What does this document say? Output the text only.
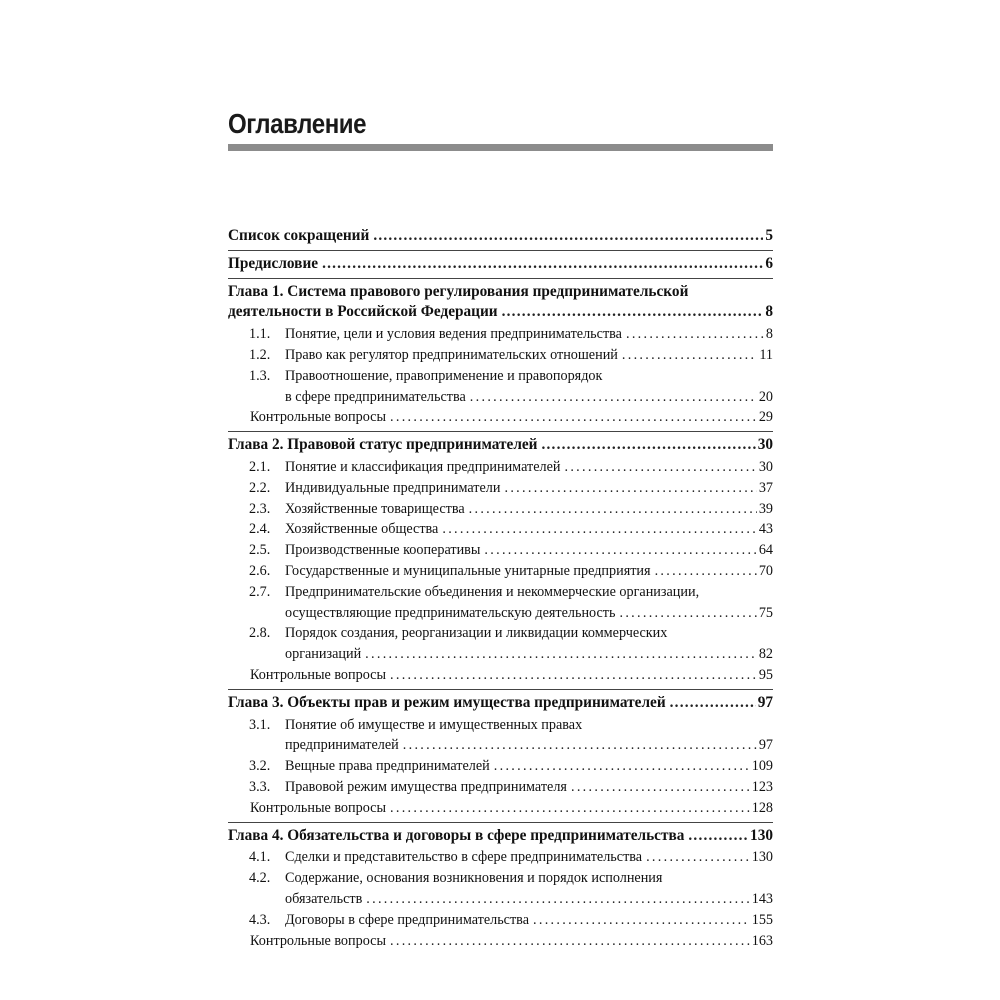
Оглавление
Список сокращений .....	5
Предисловие .....	6
Глава 1. Система правового регулирования предпринимательской
деятельности в Российской Федерации .....	8
1.1. Понятие, цели и условия ведения предпринимательства .....	8
1.2. Право как регулятор предпринимательских отношений .....	11
1.3. Правоотношение, правоприменение и правопорядок
в сфере предпринимательства .....	20
Контрольные вопросы .....	29
Глава 2. Правовой статус предпринимателей .....	30
2.1. Понятие и классификация предпринимателей .....	30
2.2. Индивидуальные предприниматели .....	37
2.3. Хозяйственные товарищества .....	39
2.4. Хозяйственные общества .....	43
2.5. Производственные кооперативы .....	64
2.6. Государственные и муниципальные унитарные предприятия .....	70
2.7. Предпринимательские объединения и некоммерческие организации,
осуществляющие предпринимательскую деятельность .....	75
2.8. Порядок создания, реорганизации и ликвидации коммерческих
организаций .....	82
Контрольные вопросы .....	95
Глава 3. Объекты прав и режим имущества предпринимателей .....	97
3.1. Понятие об имуществе и имущественных правах
предпринимателей .....	97
3.2. Вещные права предпринимателей .....	109
3.3. Правовой режим имущества предпринимателя .....	123
Контрольные вопросы .....	128
Глава 4. Обязательства и договоры в сфере предпринимательства .....	130
4.1. Сделки и представительство в сфере предпринимательства .....	130
4.2. Содержание, основания возникновения и порядок исполнения
обязательств .....	143
4.3. Договоры в сфере предпринимательства .....	155
Контрольные вопросы .....	163
